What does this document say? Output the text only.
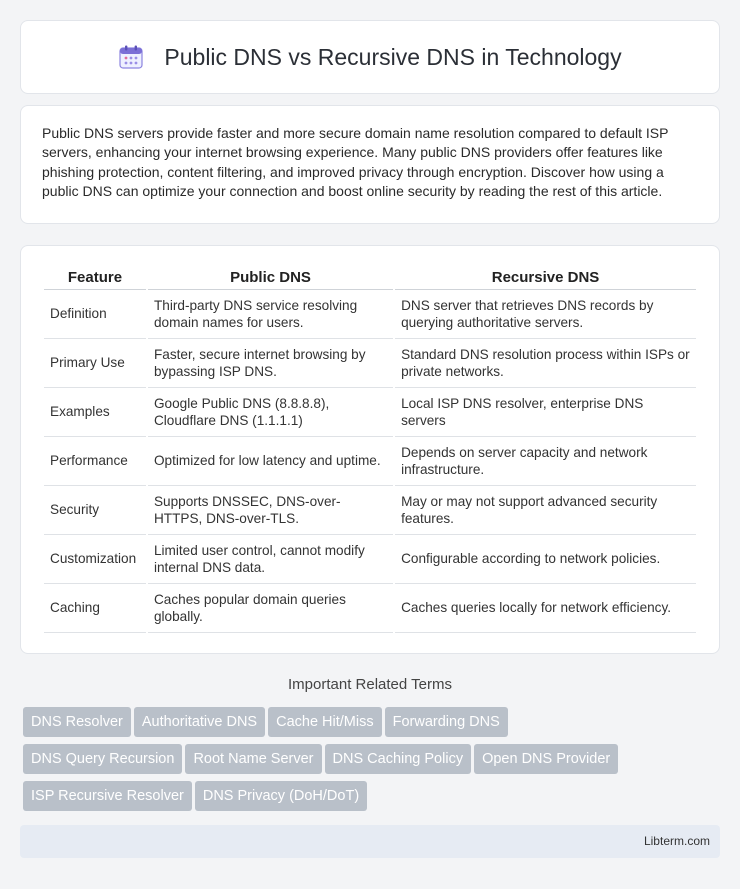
Public DNS vs Recursive DNS in Technology

Public DNS servers provide faster and more secure domain name resolution compared to default ISP servers, enhancing your internet browsing experience. Many public DNS providers offer features like phishing protection, content filtering, and improved privacy through encryption. Discover how using a public DNS can optimize your connection and boost online security by reading the rest of this article.

Feature	Public DNS	Recursive DNS
Definition	Third-party DNS service resolving domain names for users.	DNS server that retrieves DNS records by querying authoritative servers.
Primary Use	Faster, secure internet browsing by bypassing ISP DNS.	Standard DNS resolution process within ISPs or private networks.
Examples	Google Public DNS (8.8.8.8), Cloudflare DNS (1.1.1.1)	Local ISP DNS resolver, enterprise DNS servers
Performance	Optimized for low latency and uptime.	Depends on server capacity and network infrastructure.
Security	Supports DNSSEC, DNS-over-HTTPS, DNS-over-TLS.	May or may not support advanced security features.
Customization	Limited user control, cannot modify internal DNS data.	Configurable according to network policies.
Caching	Caches popular domain queries globally.	Caches queries locally for network efficiency.
Important Related Terms
DNS Resolver Authoritative DNS Cache Hit/Miss Forwarding DNS
DNS Query Recursion Root Name Server DNS Caching Policy Open DNS Provider
ISP Recursive Resolver DNS Privacy (DoH/DoT)
Libterm.com
